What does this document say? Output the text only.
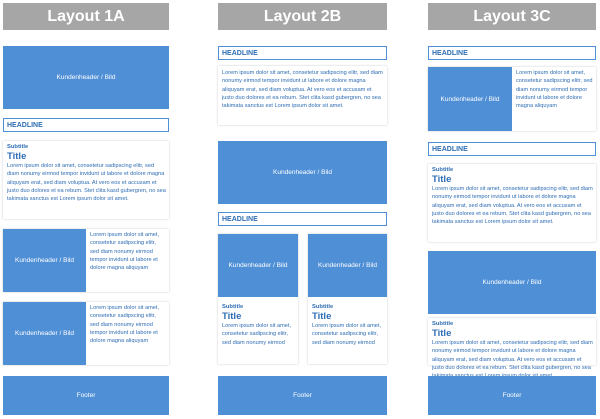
Layout 1A
Kundenheader / Bild
HEADLINE
Subtitle
Title
Lorem ipsum dolor sit amet, consetetur sadipscing elitr, sed diam nonumy eirmod tempor invidunt ut labore et dolore magna aliquyam erat, sed diam voluptua. At vero eos et accusam et justo duo dolores et ea rebum. Stet clita kasd gubergren, no sea takimata sanctus est Lorem ipsum dolor sit amet.
Kundenheader / Bild
Lorem ipsum dolor sit amet, consetetur sadipscing elitr, sed diam nonumy eirmod tempor invidunt ut labore et dolore magna aliquyam
Kundenheader / Bild
Lorem ipsum dolor sit amet, consetetur sadipscing elitr, sed diam nonumy eirmod tempor invidunt ut labore et dolore magna aliquyam
Footer
Layout 2B
HEADLINE
Lorem ipsum dolor sit amet, consetetur sadipscing elitr, sed diam nonumy eirmod tempor invidunt ut labore et dolore magna aliquyam erat, sed diam voluptua. At vero eos et accusam et justo duo dolores et ea rebum. Stet clita kasd gubergren, no sea takimata sanctus est Lorem ipsum dolor sit amet.
Kundenheader / Bild
HEADLINE
Kundenheader / Bild
Subtitle
Title
Lorem ipsum dolor sit amet, consetetur sadipscing elitr, sed diam nonumy eirmod
Kundenheader / Bild
Subtitle
Title
Lorem ipsum dolor sit amet, consetetur sadipscing elitr, sed diam nonumy eirmod
Footer
Layout 3C
HEADLINE
Kundenheader / Bild
Lorem ipsum dolor sit amet, consetetur sadipscing elitr, sed diam nonumy eirmod tempor invidunt ut labore et dolore magna aliquyam
HEADLINE
Subtitle
Title
Lorem ipsum dolor sit amet, consetetur sadipscing elitr, sed diam nonumy eirmod tempor invidunt ut labore et dolore magna aliquyam erat, sed diam voluptua. At vero eos et accusam et justo duo dolores et ea rebum. Stet clita kasd gubergren, no sea takimata sanctus est Lorem ipsum dolor sit amet.
Kundenheader / Bild
Subtitle
Title
Lorem ipsum dolor sit amet, consetetur sadipscing elitr, sed diam nonumy eirmod tempor invidunt ut labore et dolore magna aliquyam erat, sed diam voluptua. At vero eos et accusam et justo duo dolores et ea rebum. Stet clita kasd gubergren, no sea
Footer
